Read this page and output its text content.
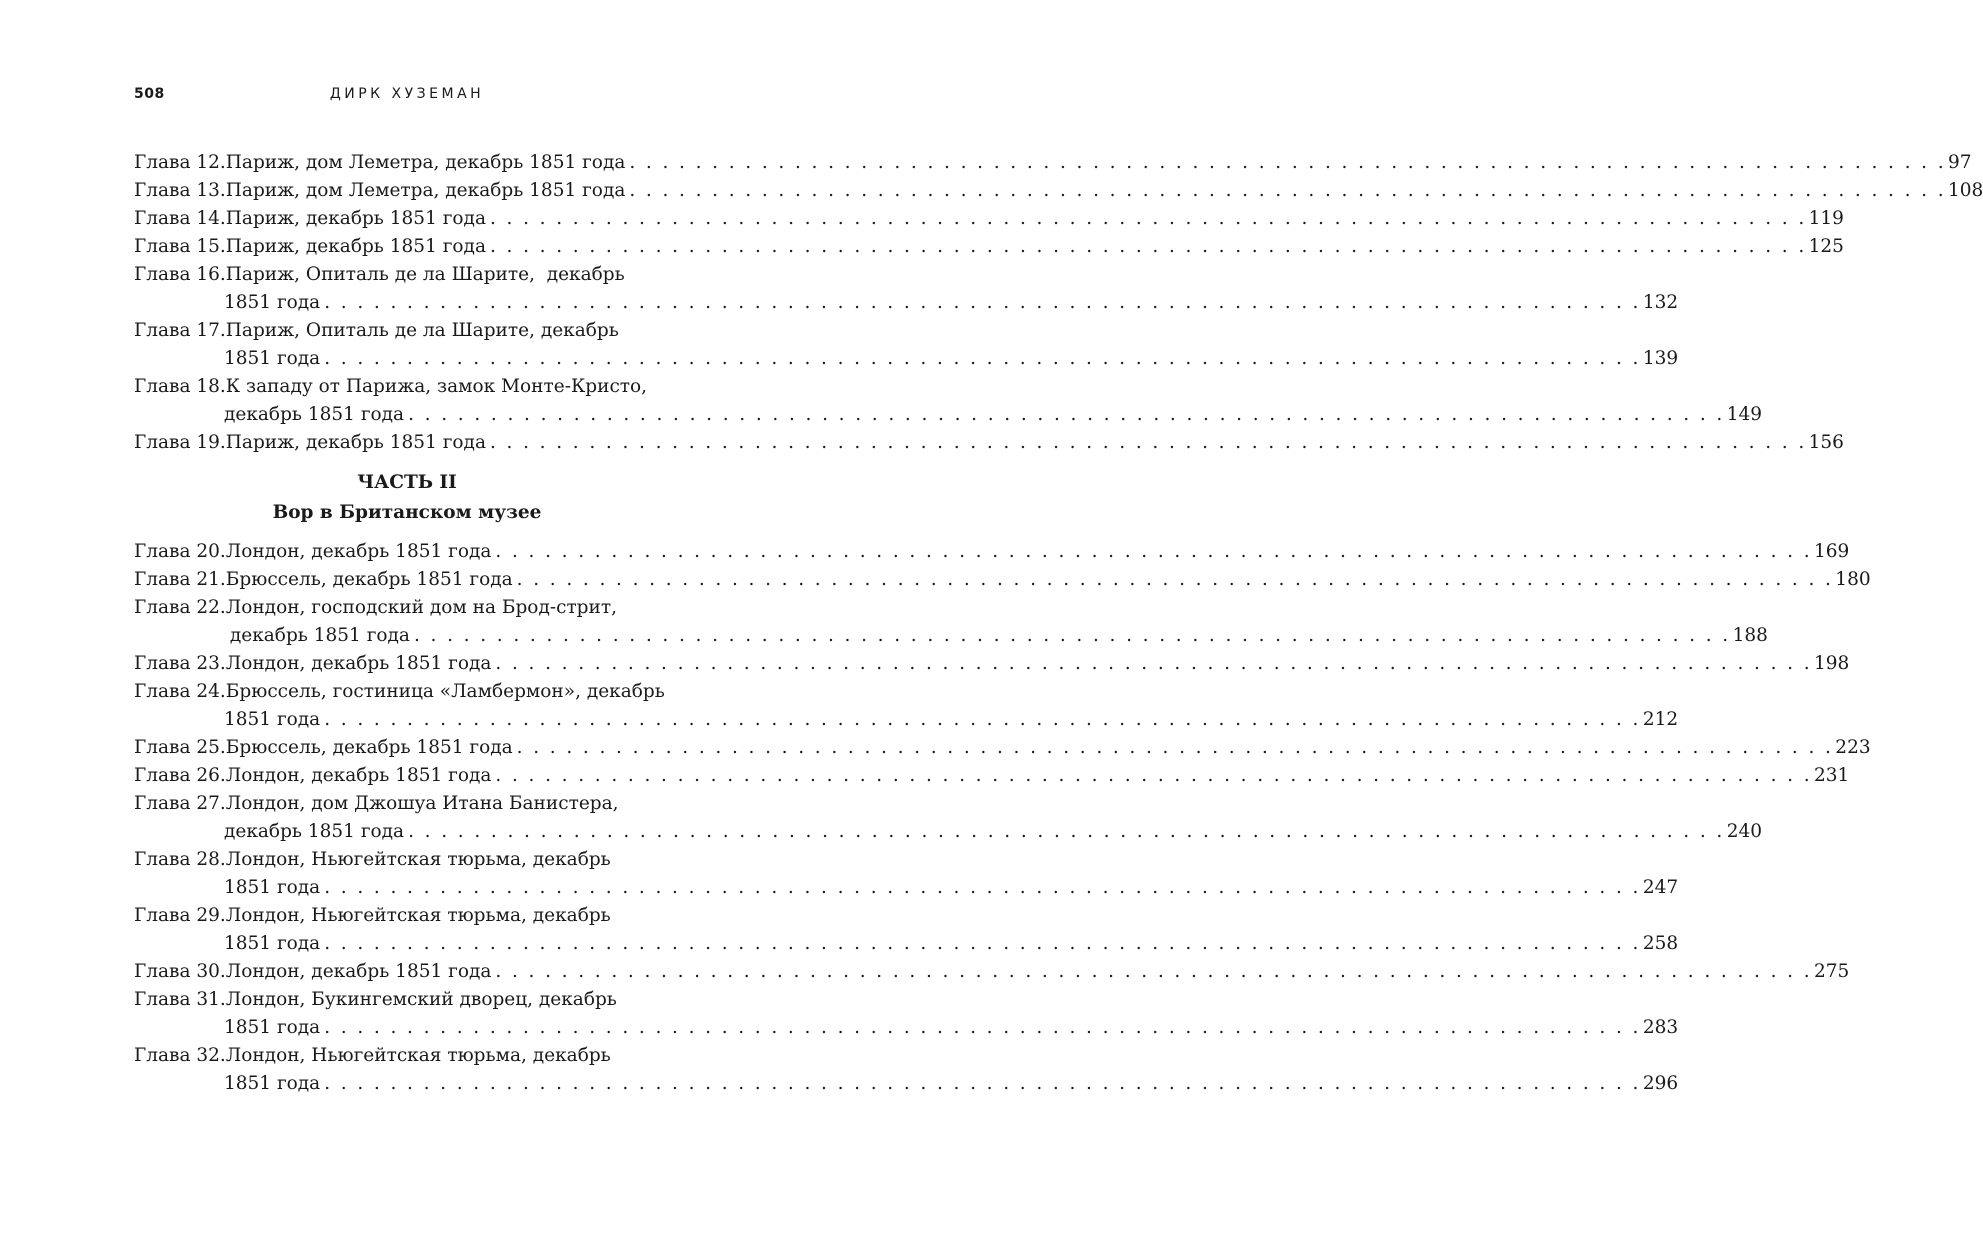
508	ДИРК ХУЗЕМАН
Глава 12. Париж, дом Леметра, декабрь 1851 года . . . . . . . . . . . . . . . . . . . . . . . . . . . . . . . . . . . . . . . . . . . . . . . . . . . . . . . . . . . . . . . . . . . . . . . . . . . . . . . . 97
Глава 13. Париж, дом Леметра, декабрь 1851 года . . . . . . . . . . . . . . . . . . . . . . . . . . . . . . . . . . . . . . . . . . . . . . . . . . . . . . . . . . . . . . . . . . . . . . . . . . . . . . . . 108
Глава 14. Париж, декабрь 1851 года . . . . . . . . . . . . . . . . . . . . . . . . . . . . . . . . . . . . . . . . . . . . . . . . . . . . . . . . . . . . . . . . . . . . . . . . . . . . . . . . 119
Глава 15. Париж, декабрь 1851 года . . . . . . . . . . . . . . . . . . . . . . . . . . . . . . . . . . . . . . . . . . . . . . . . . . . . . . . . . . . . . . . . . . . . . . . . . . . . . . . . 125
Глава 16. Париж, Опиталь де ла Шарите,  декабрь
1851 года . . . . . . . . . . . . . . . . . . . . . . . . . . . . . . . . . . . . . . . . . . . . . . . . . . . . . . . . . . . . . . . . . . . . . . . . . . . . . . . . 132
Глава 17. Париж, Опиталь де ла Шарите, декабрь
1851 года . . . . . . . . . . . . . . . . . . . . . . . . . . . . . . . . . . . . . . . . . . . . . . . . . . . . . . . . . . . . . . . . . . . . . . . . . . . . . . . . 139
Глава 18. К западу от Парижа, замок Монте-Кристо,
декабрь 1851 года . . . . . . . . . . . . . . . . . . . . . . . . . . . . . . . . . . . . . . . . . . . . . . . . . . . . . . . . . . . . . . . . . . . . . . . . . . . . . . . . 149
Глава 19. Париж, декабрь 1851 года . . . . . . . . . . . . . . . . . . . . . . . . . . . . . . . . . . . . . . . . . . . . . . . . . . . . . . . . . . . . . . . . . . . . . . . . . . . . . . . . 156
ЧАСТЬ II
Вор в Британском музее
Глава 20. Лондон, декабрь 1851 года . . . . . . . . . . . . . . . . . . . . . . . . . . . . . . . . . . . . . . . . . . . . . . . . . . . . . . . . . . . . . . . . . . . . . . . . . . . . . . . . 169
Глава 21. Брюссель, декабрь 1851 года . . . . . . . . . . . . . . . . . . . . . . . . . . . . . . . . . . . . . . . . . . . . . . . . . . . . . . . . . . . . . . . . . . . . . . . . . . . . . . . . 180
Глава 22. Лондон, господский дом на Брод-стрит,
декабрь 1851 года . . . . . . . . . . . . . . . . . . . . . . . . . . . . . . . . . . . . . . . . . . . . . . . . . . . . . . . . . . . . . . . . . . . . . . . . . . . . . . . . 188
Глава 23. Лондон, декабрь 1851 года . . . . . . . . . . . . . . . . . . . . . . . . . . . . . . . . . . . . . . . . . . . . . . . . . . . . . . . . . . . . . . . . . . . . . . . . . . . . . . . . 198
Глава 24. Брюссель, гостиница «Ламбермон», декабрь
1851 года . . . . . . . . . . . . . . . . . . . . . . . . . . . . . . . . . . . . . . . . . . . . . . . . . . . . . . . . . . . . . . . . . . . . . . . . . . . . . . . . 212
Глава 25. Брюссель, декабрь 1851 года . . . . . . . . . . . . . . . . . . . . . . . . . . . . . . . . . . . . . . . . . . . . . . . . . . . . . . . . . . . . . . . . . . . . . . . . . . . . . . . . 223
Глава 26. Лондон, декабрь 1851 года . . . . . . . . . . . . . . . . . . . . . . . . . . . . . . . . . . . . . . . . . . . . . . . . . . . . . . . . . . . . . . . . . . . . . . . . . . . . . . . . 231
Глава 27. Лондон, дом Джошуа Итана Банистера,
декабрь 1851 года . . . . . . . . . . . . . . . . . . . . . . . . . . . . . . . . . . . . . . . . . . . . . . . . . . . . . . . . . . . . . . . . . . . . . . . . . . . . . . . . 240
Глава 28. Лондон, Ньюгейтская тюрьма, декабрь
1851 года . . . . . . . . . . . . . . . . . . . . . . . . . . . . . . . . . . . . . . . . . . . . . . . . . . . . . . . . . . . . . . . . . . . . . . . . . . . . . . . . 247
Глава 29. Лондон, Ньюгейтская тюрьма, декабрь
1851 года . . . . . . . . . . . . . . . . . . . . . . . . . . . . . . . . . . . . . . . . . . . . . . . . . . . . . . . . . . . . . . . . . . . . . . . . . . . . . . . . 258
Глава 30. Лондон, декабрь 1851 года . . . . . . . . . . . . . . . . . . . . . . . . . . . . . . . . . . . . . . . . . . . . . . . . . . . . . . . . . . . . . . . . . . . . . . . . . . . . . . . . 275
Глава 31. Лондон, Букингемский дворец, декабрь
1851 года . . . . . . . . . . . . . . . . . . . . . . . . . . . . . . . . . . . . . . . . . . . . . . . . . . . . . . . . . . . . . . . . . . . . . . . . . . . . . . . . 283
Глава 32. Лондон, Ньюгейтская тюрьма, декабрь
1851 года . . . . . . . . . . . . . . . . . . . . . . . . . . . . . . . . . . . . . . . . . . . . . . . . . . . . . . . . . . . . . . . . . . . . . . . . . . . . . . . . 296
